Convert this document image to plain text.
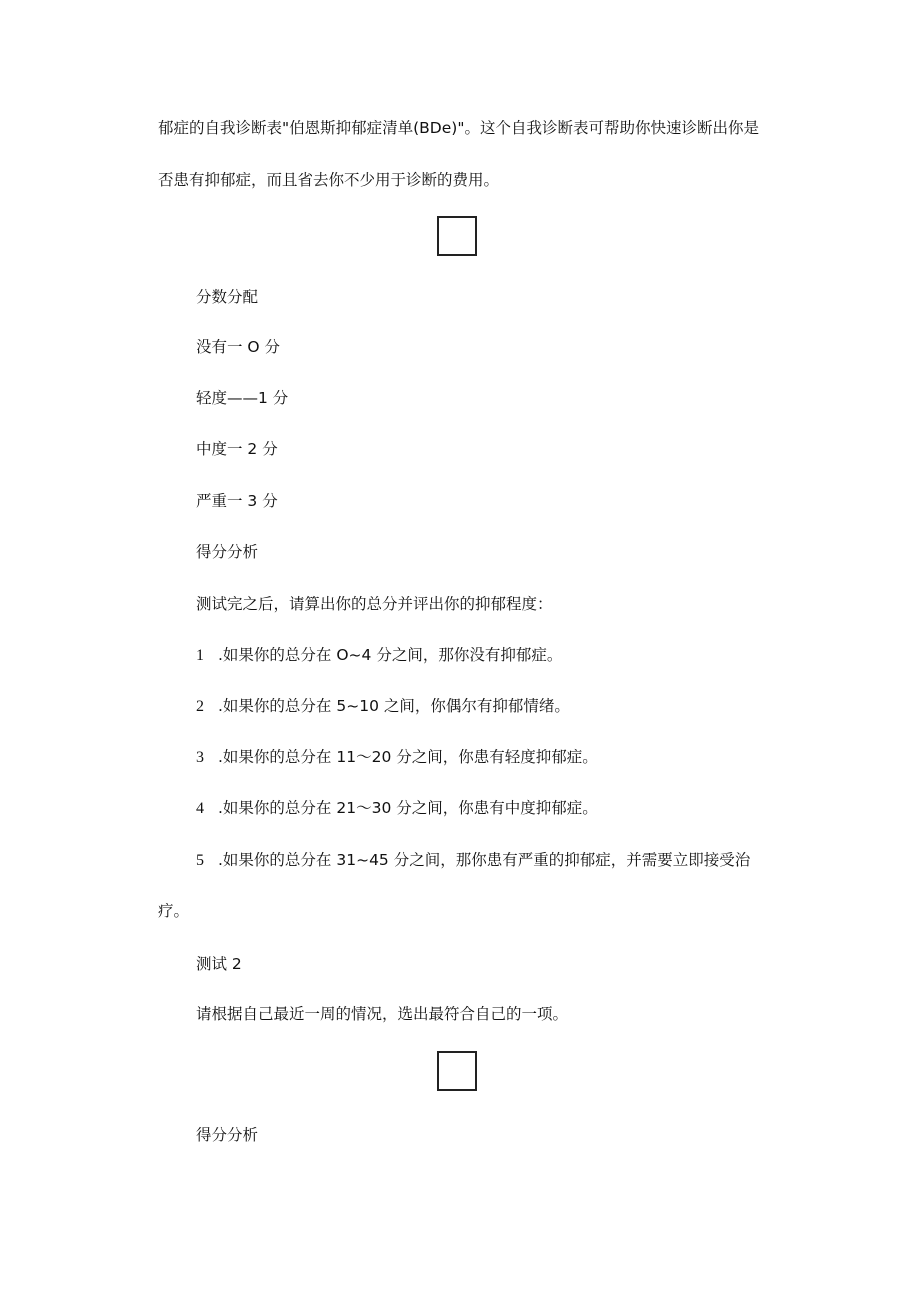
郁症的自我诊断表"伯恩斯抑郁症清单(BDe)"。这个自我诊断表可帮助你快速诊断出你是
否患有抑郁症，而且省去你不少用于诊断的费用。
分数分配
没有一 O 分
轻度——1 分
中度一 2 分
严重一 3 分
得分分析
测试完之后，请算出你的总分并评出你的抑郁程度：
1 .如果你的总分在 O~4 分之间，那你没有抑郁症。
2 .如果你的总分在 5~10 之间，你偶尔有抑郁情绪。
3 .如果你的总分在 11～20 分之间，你患有轻度抑郁症。
4 .如果你的总分在 21～30 分之间，你患有中度抑郁症。
5 .如果你的总分在 31~45 分之间，那你患有严重的抑郁症，并需要立即接受治
疗。
测试 2
请根据自己最近一周的情况，选出最符合自己的一项。
得分分析
